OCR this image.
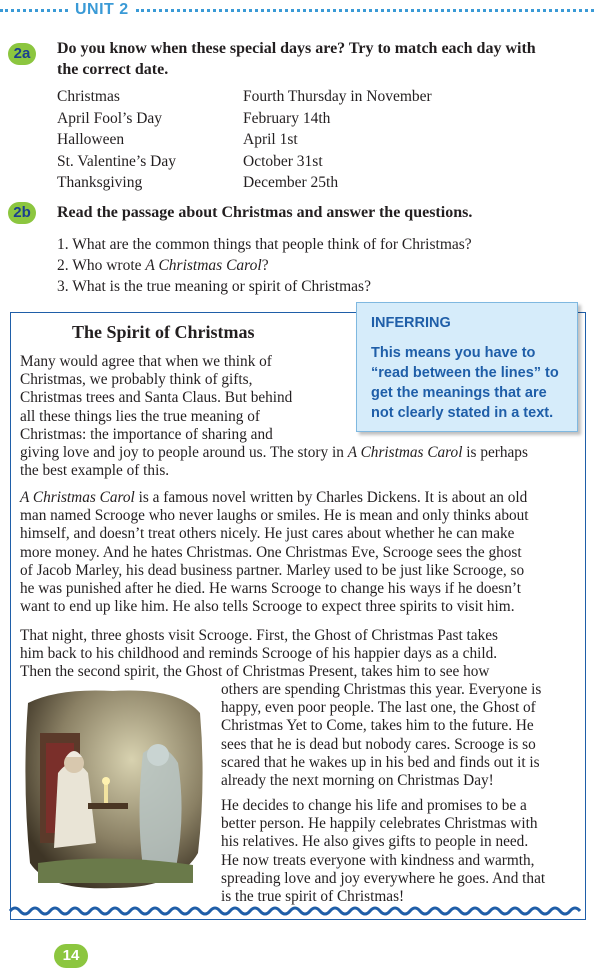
UNIT 2
2a	Do you know when these special days are? Try to match each day with
the correct date.
Christmas
April Fool’s Day
Halloween
St. Valentine’s Day
Thanksgiving
Fourth Thursday in November
February 14th
April 1st
October 31st
December 25th
2b	Read the passage about Christmas and answer the questions.
1. What are the common things that people think of for Christmas?
2. Who wrote A Christmas Carol?
3. What is the true meaning or spirit of Christmas?
The Spirit of Christmas
Many would agree that when we think of
Christmas, we probably think of gifts,
Christmas trees and Santa Claus. But behind
all these things lies the true meaning of
Christmas: the importance of sharing and
giving love and joy to people around us. The story in A Christmas Carol is perhaps
the best example of this.
A Christmas Carol is a famous novel written by Charles Dickens. It is about an old
man named Scrooge who never laughs or smiles. He is mean and only thinks about
himself, and doesn’t treat others nicely. He just cares about whether he can make
more money. And he hates Christmas. One Christmas Eve, Scrooge sees the ghost
of Jacob Marley, his dead business partner. Marley used to be just like Scrooge, so
he was punished after he died. He warns Scrooge to change his ways if he doesn’t
want to end up like him. He also tells Scrooge to expect three spirits to visit him.
That night, three ghosts visit Scrooge. First, the Ghost of Christmas Past takes
him back to his childhood and reminds Scrooge of his happier days as a child.
Then the second spirit, the Ghost of Christmas Present, takes him to see how
others are spending Christmas this year. Everyone is
happy, even poor people. The last one, the Ghost of
Christmas Yet to Come, takes him to the future. He
sees that he is dead but nobody cares. Scrooge is so
scared that he wakes up in his bed and finds out it is
already the next morning on Christmas Day!
He decides to change his life and promises to be a
better person. He happily celebrates Christmas with
his relatives. He also gives gifts to people in need.
He now treats everyone with kindness and warmth,
spreading love and joy everywhere he goes. And that
is the true spirit of Christmas!
INFERRING
This means you have to
“read between the lines” to
get the meanings that are
not clearly stated in a text.
14
